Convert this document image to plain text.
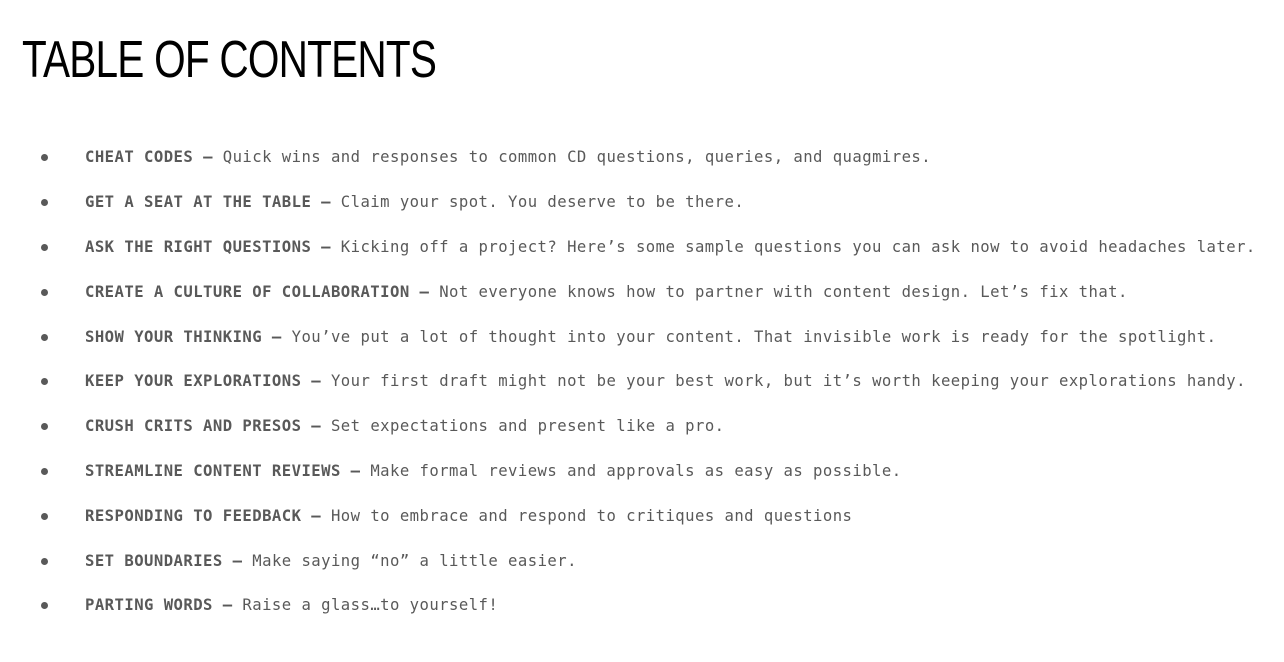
TABLE OF CONTENTS
CHEAT CODES – Quick wins and responses to common CD questions, queries, and quagmires.
GET A SEAT AT THE TABLE – Claim your spot. You deserve to be there.
ASK THE RIGHT QUESTIONS – Kicking off a project? Here’s some sample questions you can ask now to avoid headaches later.
CREATE A CULTURE OF COLLABORATION – Not everyone knows how to partner with content design. Let’s fix that.
SHOW YOUR THINKING – You’ve put a lot of thought into your content. That invisible work is ready for the spotlight.
KEEP YOUR EXPLORATIONS – Your first draft might not be your best work, but it’s worth keeping your explorations handy.
CRUSH CRITS AND PRESOS – Set expectations and present like a pro.
STREAMLINE CONTENT REVIEWS – Make formal reviews and approvals as easy as possible.
RESPONDING TO FEEDBACK – How to embrace and respond to critiques and questions
SET BOUNDARIES – Make saying “no” a little easier.
PARTING WORDS – Raise a glass…to yourself!
